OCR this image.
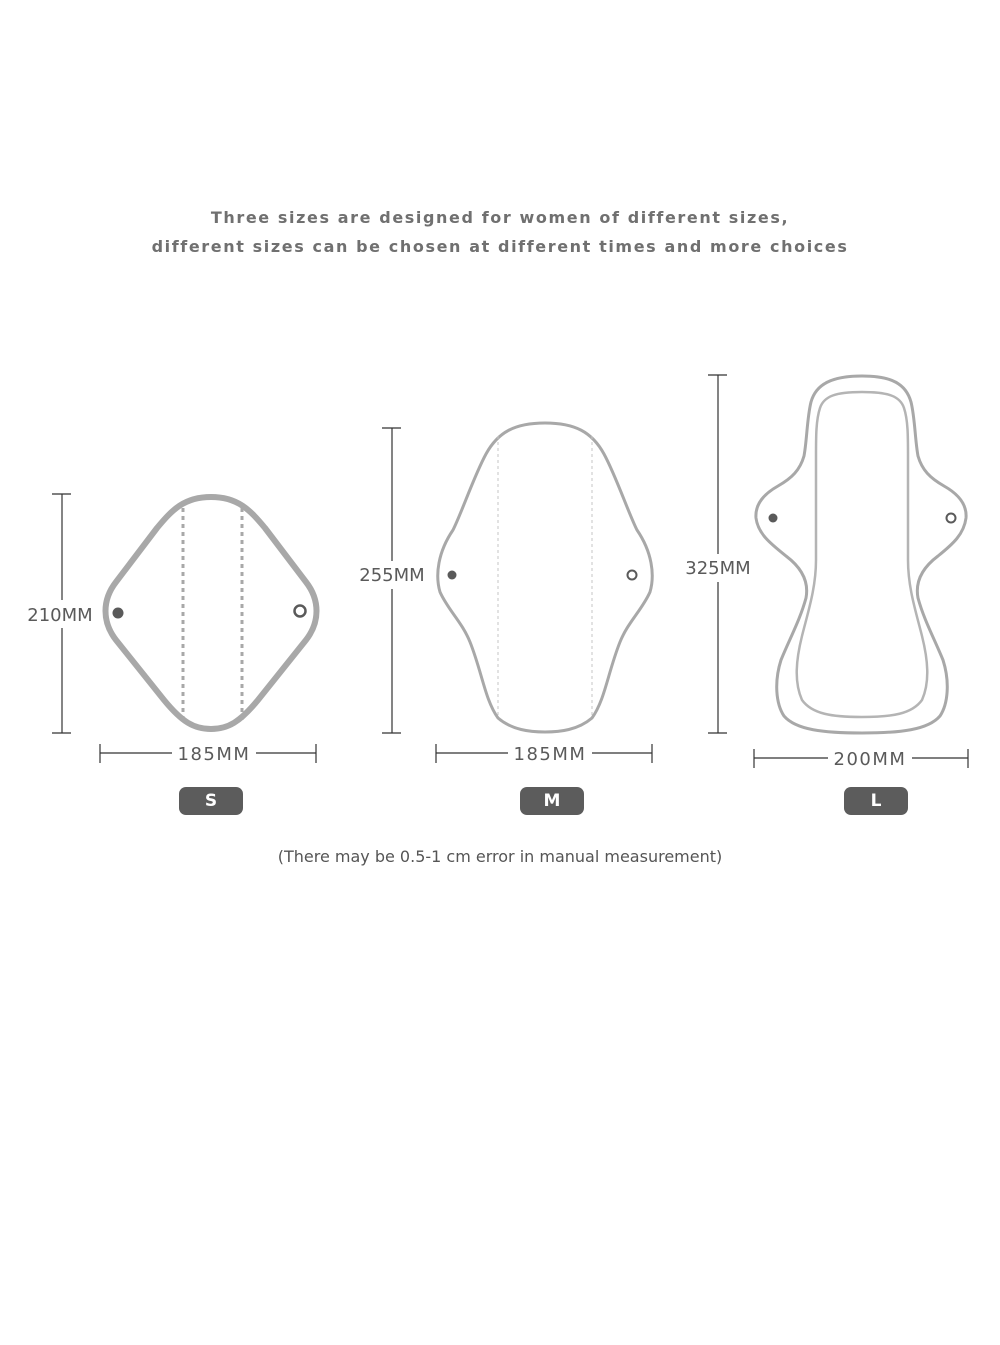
Three sizes are designed for women of different sizes,
different sizes can be chosen at different times and more choices
210MM
185MM
255MM
185MM
325MM
200MM
S	M	L
(There may be 0.5-1 cm error in manual measurement)
